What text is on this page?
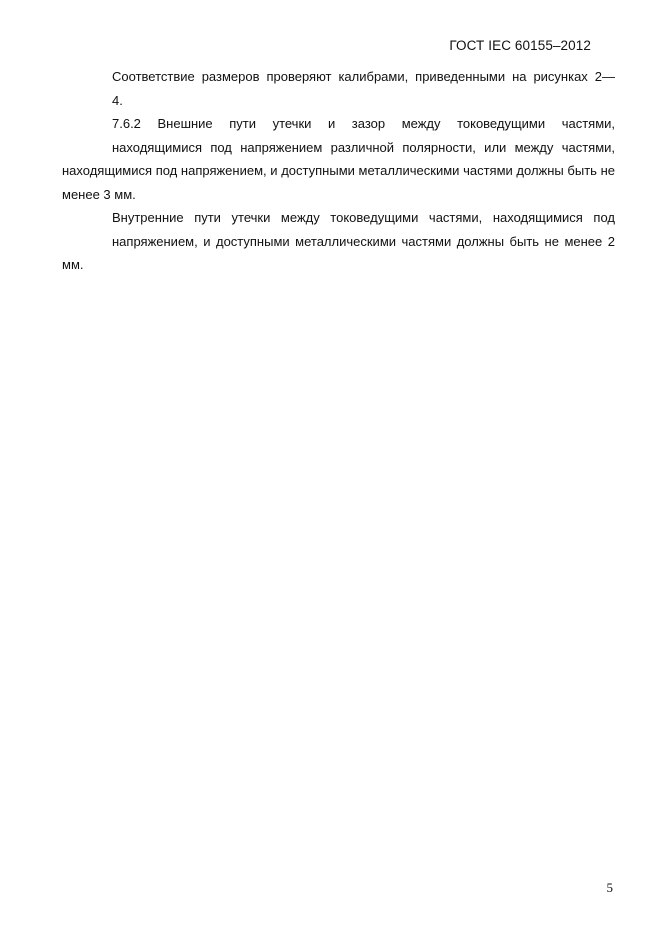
ГОСТ IEC 60155–2012
Соответствие размеров проверяют калибрами, приведенными на рисунках 2—
4.
7.6.2 Внешние пути утечки и зазор между токоведущими частями,
находящимися под напряжением различной полярности, или между частями, находящимися под напряжением, и доступными металлическими частями должны быть не менее 3 мм.
Внутренние пути утечки между токоведущими частями, находящимися под
напряжением, и доступными металлическими частями должны быть не менее 2 мм.
5
